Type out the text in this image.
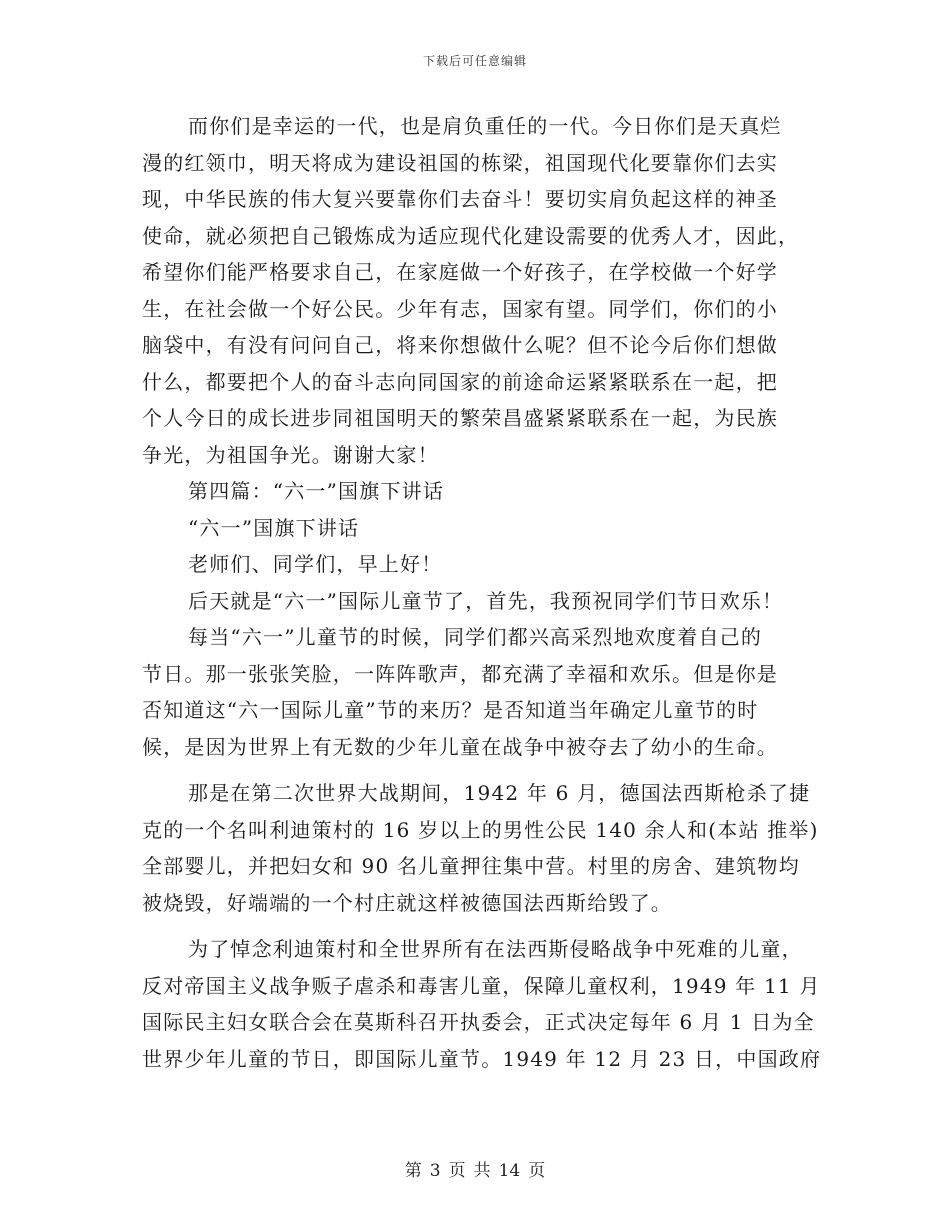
下载后可任意编辑
而你们是幸运的一代，也是肩负重任的一代。今日你们是天真烂
漫的红领巾，明天将成为建设祖国的栋梁，祖国现代化要靠你们去实
现，中华民族的伟大复兴要靠你们去奋斗！要切实肩负起这样的神圣
使命，就必须把自己锻炼成为适应现代化建设需要的优秀人才，因此，
希望你们能严格要求自己，在家庭做一个好孩子，在学校做一个好学
生，在社会做一个好公民。少年有志，国家有望。同学们，你们的小
脑袋中，有没有问问自己，将来你想做什么呢？但不论今后你们想做
什么，都要把个人的奋斗志向同国家的前途命运紧紧联系在一起，把
个人今日的成长进步同祖国明天的繁荣昌盛紧紧联系在一起，为民族
争光，为祖国争光。谢谢大家！
第四篇：“六一”国旗下讲话
“六一”国旗下讲话
老师们、同学们，早上好！
后天就是“六一”国际儿童节了，首先，我预祝同学们节日欢乐！
每当“六一”儿童节的时候，同学们都兴高采烈地欢度着自己的
节日。那一张张笑脸，一阵阵歌声，都充满了幸福和欢乐。但是你是
否知道这“六一国际儿童”节的来历？是否知道当年确定儿童节的时
候，是因为世界上有无数的少年儿童在战争中被夺去了幼小的生命。
那是在第二次世界大战期间，1942 年 6 月，德国法西斯枪杀了捷
克的一个名叫利迪策村的 16 岁以上的男性公民 140 余人和(本站 推举)
全部婴儿，并把妇女和 90 名儿童押往集中营。村里的房舍、建筑物均
被烧毁，好端端的一个村庄就这样被德国法西斯给毁了。
为了悼念利迪策村和全世界所有在法西斯侵略战争中死难的儿童，
反对帝国主义战争贩子虐杀和毒害儿童，保障儿童权利，1949 年 11 月
国际民主妇女联合会在莫斯科召开执委会，正式决定每年 6 月 1 日为全
世界少年儿童的节日，即国际儿童节。1949 年 12 月 23 日，中国政府
第 3 页 共 14 页
